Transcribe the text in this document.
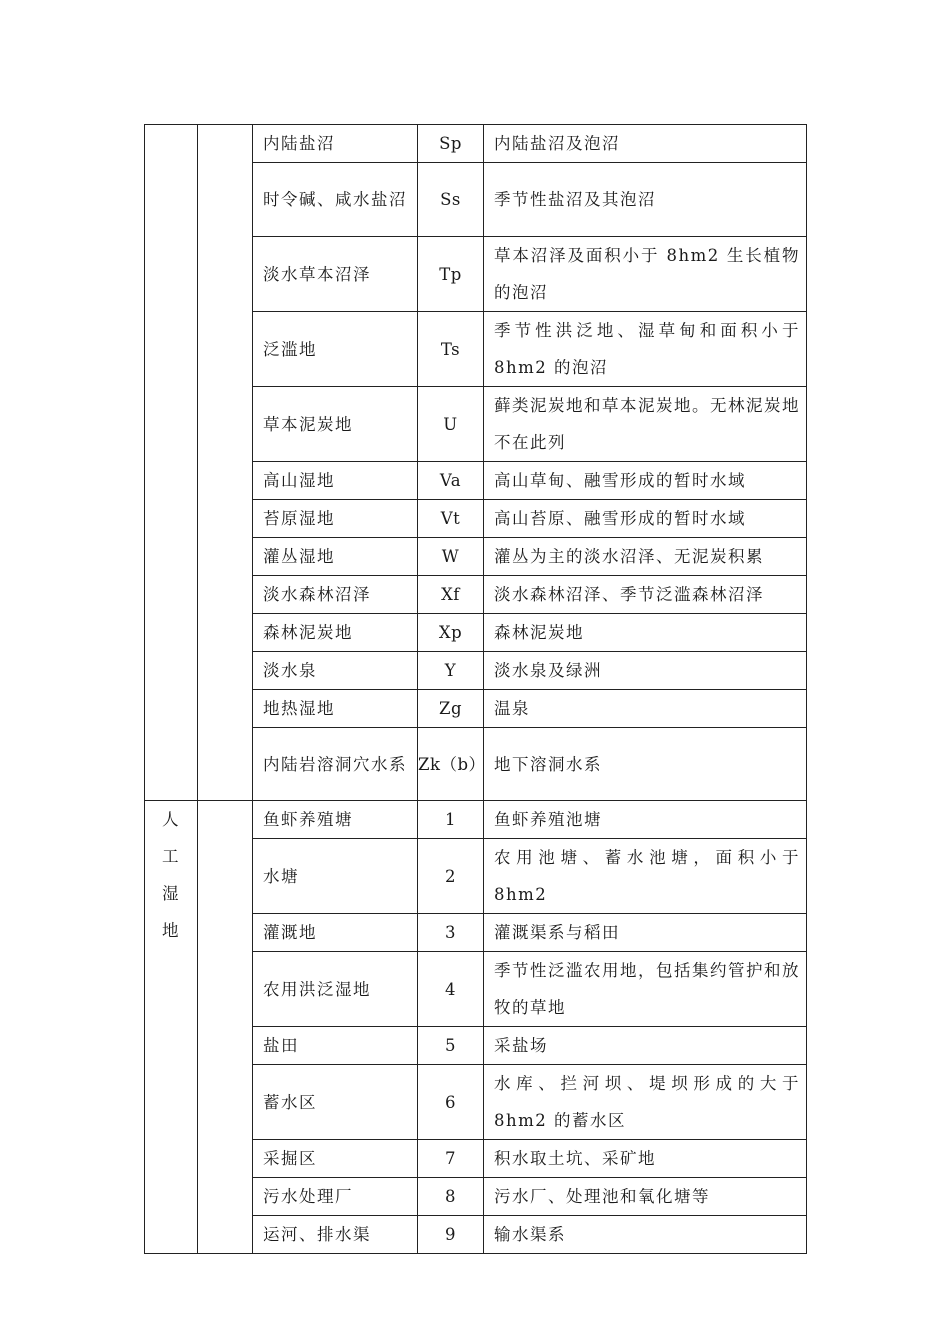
		内陆盐沼	Sp	内陆盐沼及泡沼
		时令碱、咸水盐沼	Ss	季节性盐沼及其泡沼
		淡水草本沼泽	Tp	草本沼泽及面积小于 8hm2 生长植物的泡沼
		泛滥地	Ts	季节性洪泛地、湿草甸和面积小于 8hm2 的泡沼
		草本泥炭地	U	藓类泥炭地和草本泥炭地。无林泥炭地不在此列
		高山湿地	Va	高山草甸、融雪形成的暂时水域
		苔原湿地	Vt	高山苔原、融雪形成的暂时水域
		灌丛湿地	W	灌丛为主的淡水沼泽、无泥炭积累
		淡水森林沼泽	Xf	淡水森林沼泽、季节泛滥森林沼泽
		森林泥炭地	Xp	森林泥炭地
		淡水泉	Y	淡水泉及绿洲
		地热湿地	Zg	温泉
		内陆岩溶洞穴水系	Zk（b）	地下溶洞水系

人工湿地		鱼虾养殖塘	1	鱼虾养殖池塘
		水塘	2	农用池塘、蓄水池塘，面积小于 8hm2
		灌溉地	3	灌溉渠系与稻田
		农用洪泛湿地	4	季节性泛滥农用地，包括集约管护和放牧的草地
		盐田	5	采盐场
		蓄水区	6	水库、拦河坝、堤坝形成的大于 8hm2 的蓄水区
		采掘区	7	积水取土坑、采矿地
		污水处理厂	8	污水厂、处理池和氧化塘等
		运河、排水渠	9	输水渠系
